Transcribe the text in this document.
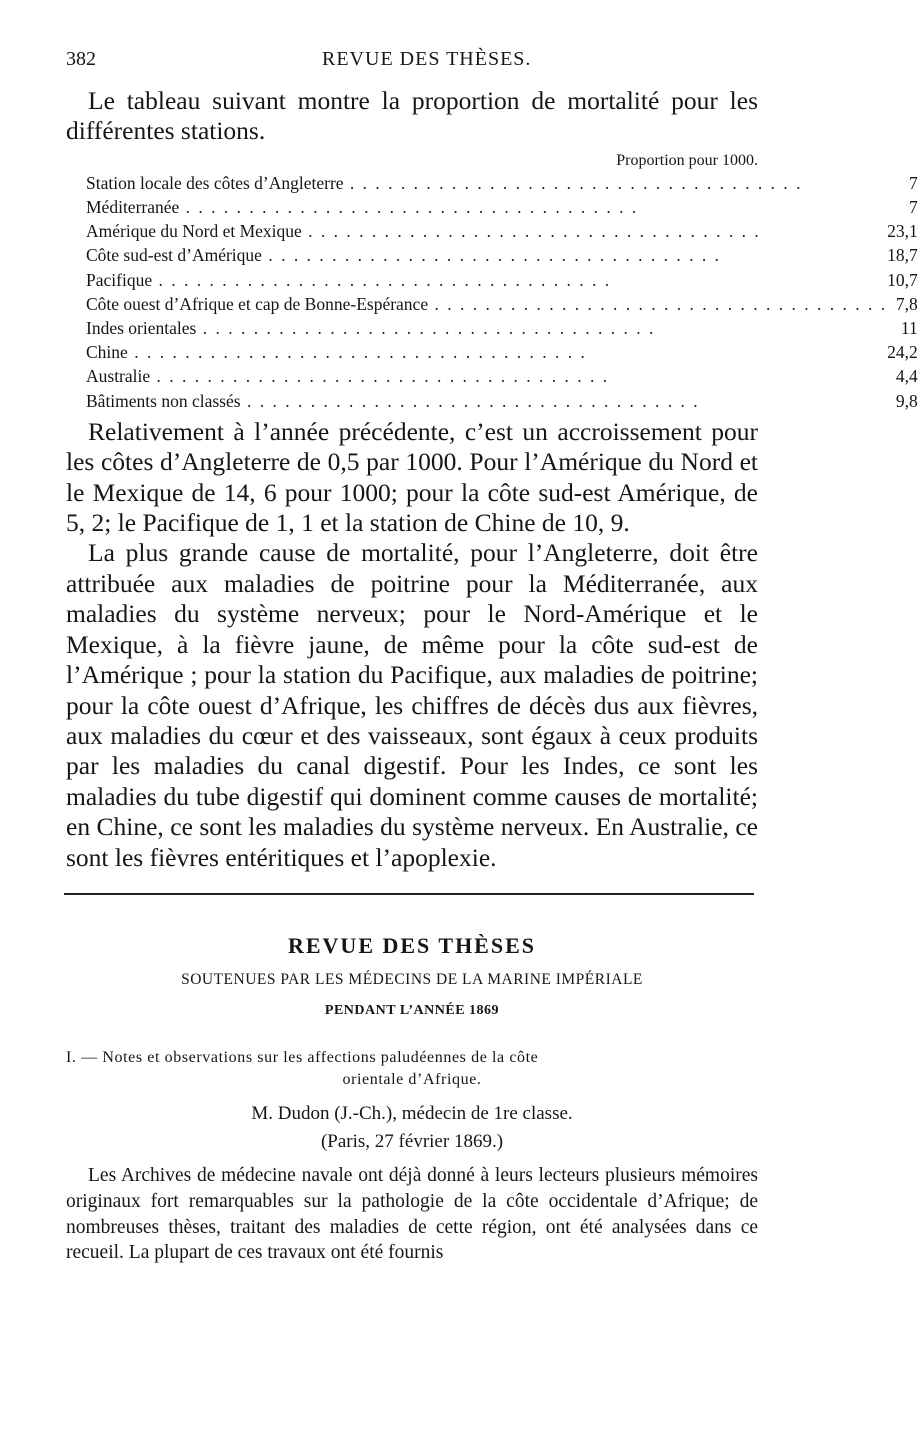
382	REVUE DES THÈSES.

Le tableau suivant montre la proportion de mortalité pour les différentes stations.

Proportion pour 1000.
Station locale des côtes d’Angleterre . . . . . . . . . . . . . . . . . . . . . . . . . . . . . . . . . . . .	7
Méditerranée . . . . . . . . . . . . . . . . . . . . . . . . . . . . . . . . . . . .	7
Amérique du Nord et Mexique . . . . . . . . . . . . . . . . . . . . . . . . . . . . . . . . . . . .	23,1
Côte sud-est d’Amérique . . . . . . . . . . . . . . . . . . . . . . . . . . . . . . . . . . . .	18,7
Pacifique . . . . . . . . . . . . . . . . . . . . . . . . . . . . . . . . . . . .	10,7
Côte ouest d’Afrique et cap de Bonne-Espérance . . . . . . . . . . . . . . . . . . . . . . . . . . . . . . . . . . . .	7,8
Indes orientales . . . . . . . . . . . . . . . . . . . . . . . . . . . . . . . . . . . .	11
Chine . . . . . . . . . . . . . . . . . . . . . . . . . . . . . . . . . . . .	24,2
Australie . . . . . . . . . . . . . . . . . . . . . . . . . . . . . . . . . . . .	4,4
Bâtiments non classés . . . . . . . . . . . . . . . . . . . . . . . . . . . . . . . . . . . .	9,8

Relativement à l’année précédente, c’est un accroissement pour les côtes d’Angleterre de 0,5 par 1000. Pour l’Amérique du Nord et le Mexique de 14, 6 pour 1000; pour la côte sud-est Amérique, de 5, 2; le Pacifique de 1, 1 et la station de Chine de 10, 9.

La plus grande cause de mortalité, pour l’Angleterre, doit être attribuée aux maladies de poitrine pour la Méditerranée, aux maladies du système nerveux; pour le Nord-Amérique et le Mexique, à la fièvre jaune, de même pour la côte sud-est de l’Amérique ; pour la station du Pacifique, aux maladies de poitrine; pour la côte ouest d’Afrique, les chiffres de décès dus aux fièvres, aux maladies du cœur et des vaisseaux, sont égaux à ceux produits par les maladies du canal digestif. Pour les Indes, ce sont les maladies du tube digestif qui dominent comme causes de mortalité; en Chine, ce sont les maladies du système nerveux. En Australie, ce sont les fièvres entéritiques et l’apoplexie.

REVUE DES THÈSES
SOUTENUES PAR LES MÉDECINS DE LA MARINE IMPÉRIALE
PENDANT L’ANNÉE 1869
I. — Notes et observations sur les affections paludéennes de la côte
orientale d’Afrique.
M. Dudon (J.-Ch.), médecin de 1re classe.
(Paris, 27 février 1869.)

Les Archives de médecine navale ont déjà donné à leurs lecteurs plusieurs mémoires originaux fort remarquables sur la pathologie de la côte occidentale d’Afrique; de nombreuses thèses, traitant des maladies de cette région, ont été analysées dans ce recueil. La plupart de ces travaux ont été fournis
